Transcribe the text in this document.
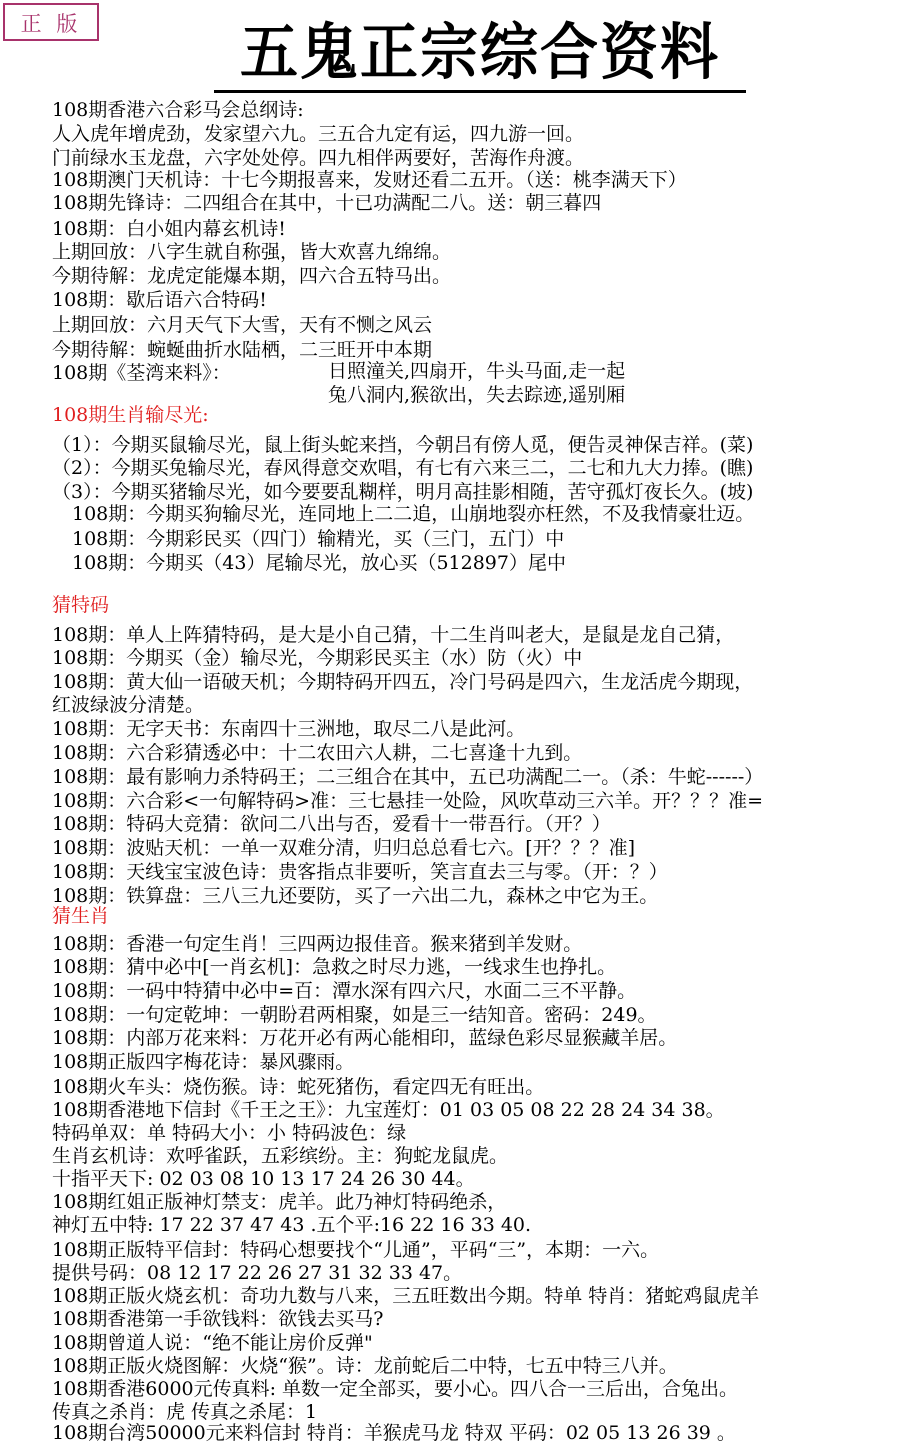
正 版	五鬼正宗综合资料
108期香港六合彩马会总纲诗:
人入虎年增虎劲，发家望六九。三五合九定有运，四九游一回。
门前绿水玉龙盘，六字处处停。四九相伴两要好，苦海作舟渡。
108期澳门天机诗：十七今期报喜来，发财还看二五开。（送：桃李满天下）
108期先锋诗：二四组合在其中，十已功满配二八。送：朝三暮四
108期：白小姐内幕玄机诗!
上期回放：八字生就自称强，皆大欢喜九绵绵。
今期待解：龙虎定能爆本期，四六合五特马出。
108期：歇后语六合特码!
上期回放：六月天气下大雪，天有不恻之风云
今期待解：蜿蜒曲折水陆栖，二三旺开中本期
108期《荃湾来料》：	日照潼关,四扇开，牛头马面,走一起
兔八洞内,猴欲出，失去踪迹,遥别厢
108期生肖输尽光:
（1）：今期买鼠输尽光，鼠上街头蛇来挡，今朝吕有傍人觅，便告灵神保吉祥。(菜)
（2）：今期买兔输尽光，春风得意交欢唱，有七有六来三二，二七和九大力捧。(瞧)
（3）：今期买猪输尽光，如今要要乱糊样，明月高挂影相随，苦守孤灯夜长久。(坡)
108期：今期买狗输尽光，连同地上二二追，山崩地裂亦枉然，不及我情豪壮迈。
108期：今期彩民买（四门）输精光，买（三门，五门）中
108期：今期买（43）尾输尽光，放心买（512897）尾中
猜特码
108期：单人上阵猜特码，是大是小自己猜，十二生肖叫老大，是鼠是龙自己猜，
108期：今期买（金）输尽光，今期彩民买主（水）防（火）中
108期：黄大仙一语破天机；今期特码开四五，冷门号码是四六，生龙活虎今期现，
红波绿波分清楚。
108期：无字天书：东南四十三洲地，取尽二八是此河。
108期：六合彩猜透必中：十二农田六人耕，二七喜逢十九到。
108期：最有影响力杀特码王；二三组合在其中，五已功满配二一。（杀：牛蛇------）
108期：六合彩<一句解特码>准：三七悬挂一处险，风吹草动三六羊。开？？？准=
108期：特码大竞猜：欲问二八出与否，爱看十一带吾行。（开？）
108期：波贴天机：一单一双难分清，归归总总看七六。[开？？？准]
108期：天线宝宝波色诗：贵客指点非要听，笑言直去三与零。（开：？）
108期：铁算盘：三八三九还要防，买了一六出二九，森林之中它为王。
猜生肖
108期：香港一句定生肖！三四两边报佳音。猴来猪到羊发财。
108期：猜中必中[一肖玄机]：急救之时尽力逃，一线求生也挣扎。
108期：一码中特猜中必中=百：潭水深有四六尺，水面二三不平静。
108期：一句定乾坤：一朝盼君两相聚，如是三一结知音。密码：249。
108期：内部万花来料：万花开必有两心能相印，蓝绿色彩尽显猴藏羊居。
108期正版四字梅花诗：暴风骤雨。
108期火车头：烧伤猴。诗：蛇死猪伤，看定四无有旺出。
108期香港地下信封《千王之王》：九宝莲灯：01 03 05 08 22 28 24 34 38。
特码单双：单 特码大小：小 特码波色：绿
生肖玄机诗：欢呼雀跃，五彩缤纷。主：狗蛇龙鼠虎。
十指平天下: 02 03 08 10 13 17 24 26 30 44。
108期红姐正版神灯禁支：虎羊。此乃神灯特码绝杀，
神灯五中特: 17 22 37 47 43 .五个平:16 22 16 33 40.
108期正版特平信封：特码心想要找个“儿通”，平码“三”，本期：一六。
提供号码：08 12 17 22 26 27 31 32 33 47。
108期正版火烧玄机：奇功九数与八来，三五旺数出今期。特单 特肖：猪蛇鸡鼠虎羊
108期香港第一手欲钱料：欲钱去买马?
108期曾道人说：“绝不能让房价反弹"
108期正版火烧图解：火烧“猴”。诗：龙前蛇后二中特，七五中特三八并。
108期香港6000元传真料: 单数一定全部买，要小心。四八合一三后出，合兔出。
传真之杀肖：虎 传真之杀尾：1
108期台湾50000元来料信封 特肖：羊猴虎马龙 特双 平码：02 05 13 26 39 。
